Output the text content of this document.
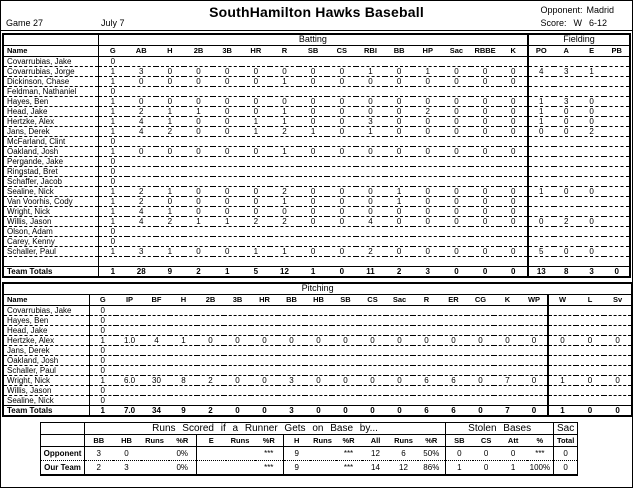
SouthHamilton Hawks Baseball	Opponent: Madrid
Game 27	July 7	Score: W 6-12
	Batting															Fielding			
Name	G	AB	H	2B	3B	HR	R	SB	CS	RBI	BB	HP	Sac	RBBE	K	PO	A	E	PB
Covarrubias, Jake	0																		
Covarrubias, Jorge	1	3	0	0	0	0	0	0	0	1	0	1	0	0	0	4	3	1	
Dickinson, Chase	1	0	0	0	0	0	1	0	0	0	0	0	0	0	0				
Feldman, Nathaniel	0																		
Hayes, Ben	1	0	0	0	0	0	0	0	0	0	0	0	0	0	0	1	3	0	
Head, Jake	1	2	1	1	0	0	1	0	0	0	0	2	0	0	0	1	0	0	
Hertzke, Alex	1	4	1	0	0	1	1	0	0	3	0	0	0	0	0	1	0	0	
Jans, Derek	1	4	2	0	0	1	2	1	0	1	0	0	0	0	0	0	0	2	
McFarland, Clint	0																		
Oakland, Josh	1	0	0	0	0	0	1	0	0	0	0	0	0	0	0				
Pergande, Jake	0																		
Ringstad, Bret	0																		
Schaffer, Jacob	0																		
Sealine, Nick	1	2	1	0	0	0	2	0	0	0	1	0	0	0	0	1	0	0	
Van Voorhis, Cody	1	2	0	0	0	0	1	0	0	0	1	0	0	0	0				
Wright, Nick	1	4	1	0	0	0	0	0	0	0	0	0	0	0	0				
Willis, Jason	1	4	2	1	1	2	2	0	0	4	0	0	0	0	0	0	2	0	
Olson, Adam	0																		
Carey, Kenny	0																		
Schaller, Paul	1	3	1	0	0	1	1	0	0	2	0	0	0	0	0	5	0	0	

Team Totals	1	28	9	2	1	5	12	1	0	11	2	3	0	0	0	13	8	3	0
Pitching																				
Name	G	IP	BF	H	2B	3B	HR	BB	HB	SB	CS	Sac	R	ER	CG	K	WP	W	L	Sv
Covarrubias, Jake	0																			
Hayes, Ben	0																			
Head, Jake	0																			
Hertzke, Alex	1	1.0	4	1	0	0	0	0	0	0	0	0	0	0	0	0	0	0	0	0
Jans, Derek	0																			
Oakland, Josh	0																			
Schaller, Paul	0																			
Wright, Nick	1	6.0	30	8	2	0	0	3	0	0	0	0	6	6	0	7	0	1	0	0
Willis, Jason	0																			
Sealine, Nick	0																			
Team Totals	1	7.0	34	9	2	0	0	3	0	0	0	0	6	6	0	7	0	1	0	0
	Runs Scored if a Runner Gets on Base by...													Stolen Bases				Sac
	BB	HB	Runs	%R	E	Runs	%R	H	Runs	%R	All	Runs	%R	SB	CS	Att	%	Total
Opponent	3	0		0%			***	9		***	12	6	50%	0	0	0	***	0
Our Team	2	3		0%			***	9		***	14	12	86%	1	0	1	100%	0
